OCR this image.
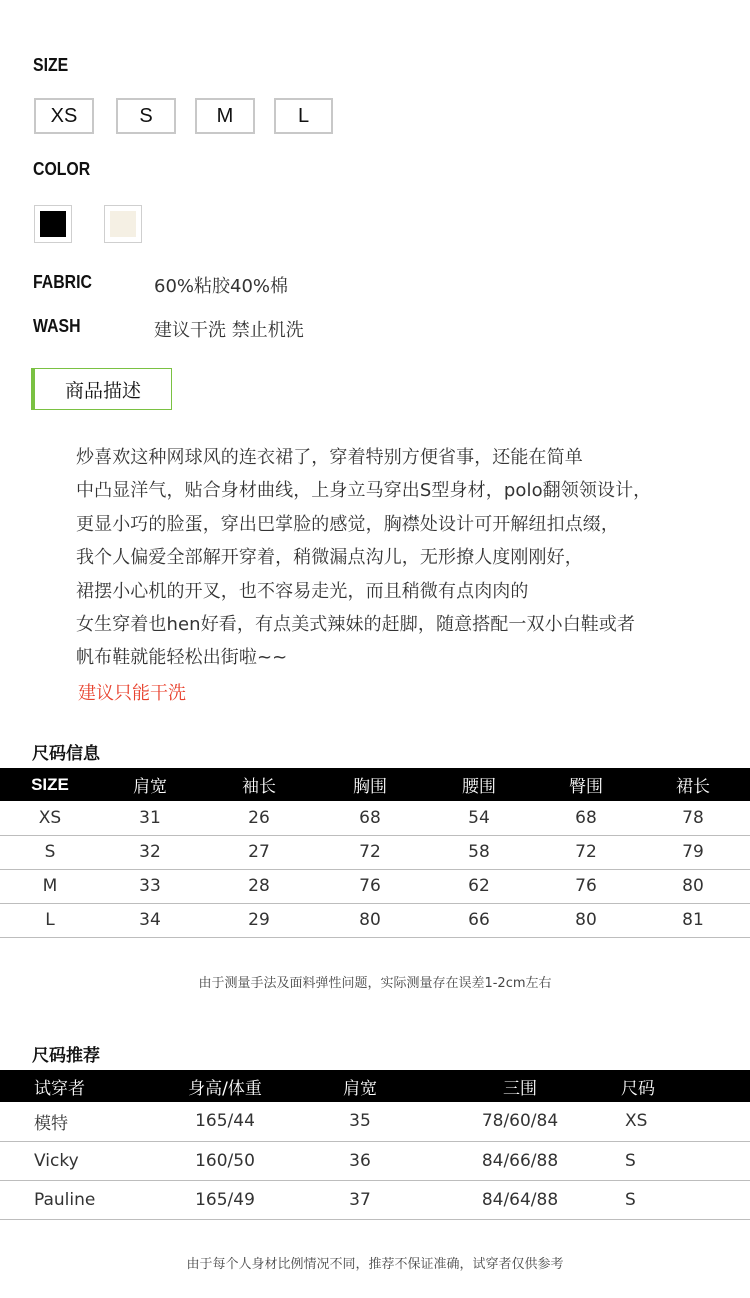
SIZE
XS	S	M	L
COLOR
FABRIC	60%粘胶40%棉
WASH	建议干洗 禁止机洗
商品描述
炒喜欢这种网球风的连衣裙了，穿着特别方便省事，还能在简单
中凸显洋气，贴合身材曲线，上身立马穿出S型身材，polo翻领领设计，
更显小巧的脸蛋，穿出巴掌脸的感觉，胸襟处设计可开解纽扣点缀，
我个人偏爱全部解开穿着，稍微漏点沟儿，无形撩人度刚刚好，
裙摆小心机的开叉，也不容易走光，而且稍微有点肉肉的
女生穿着也hen好看，有点美式辣妹的赶脚，随意搭配一双小白鞋或者
帆布鞋就能轻松出街啦~~
建议只能干洗
尺码信息
SIZE	肩宽	袖长	胸围	腰围	臀围	裙长
XS	31	26	68	54	68	78
S	32	27	72	58	72	79
M	33	28	76	62	76	80
L	34	29	80	66	80	81
由于测量手法及面料弹性问题，实际测量存在误差1-2cm左右
尺码推荐
试穿者	身高/体重	肩宽	三围	尺码
模特	165/44	35	78/60/84	XS
Vicky	160/50	36	84/66/88	S
Pauline	165/49	37	84/64/88	S
由于每个人身材比例情况不同，推荐不保证准确，试穿者仅供参考
